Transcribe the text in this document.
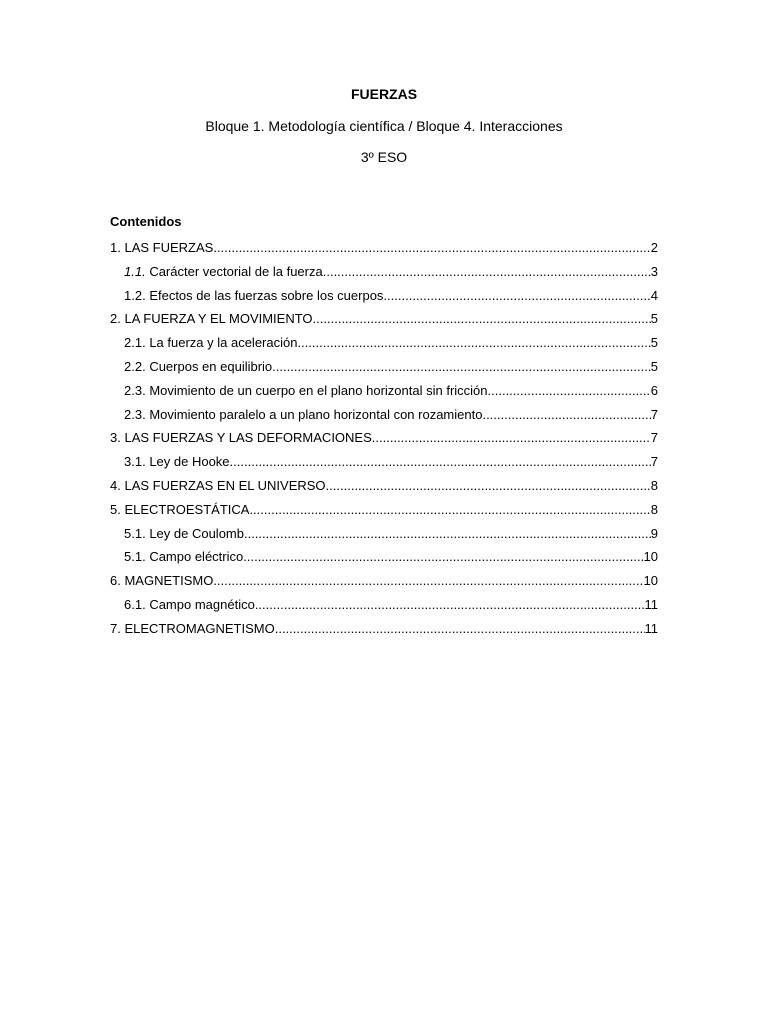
FUERZAS
Bloque 1. Metodología científica / Bloque 4. Interacciones
3º ESO
Contenidos
1. LAS FUERZAS .....	2
1.1. Carácter vectorial de la fuerza .....	3
1.2. Efectos de las fuerzas sobre los cuerpos .....	4
2. LA FUERZA Y EL MOVIMIENTO .....	5
2.1. La fuerza y la aceleración .....	5
2.2. Cuerpos en equilibrio .....	5
2.3. Movimiento de un cuerpo en el plano horizontal sin fricción .....	6
2.3. Movimiento paralelo a un plano horizontal con rozamiento .....	7
3. LAS FUERZAS Y LAS DEFORMACIONES .....	7
3.1. Ley de Hooke .....	7
4. LAS FUERZAS EN EL UNIVERSO .....	8
5. ELECTROESTÁTICA .....	8
5.1. Ley de Coulomb .....	9
5.1. Campo eléctrico .....	10
6. MAGNETISMO .....	10
6.1. Campo magnético .....	11
7. ELECTROMAGNETISMO .....	11
